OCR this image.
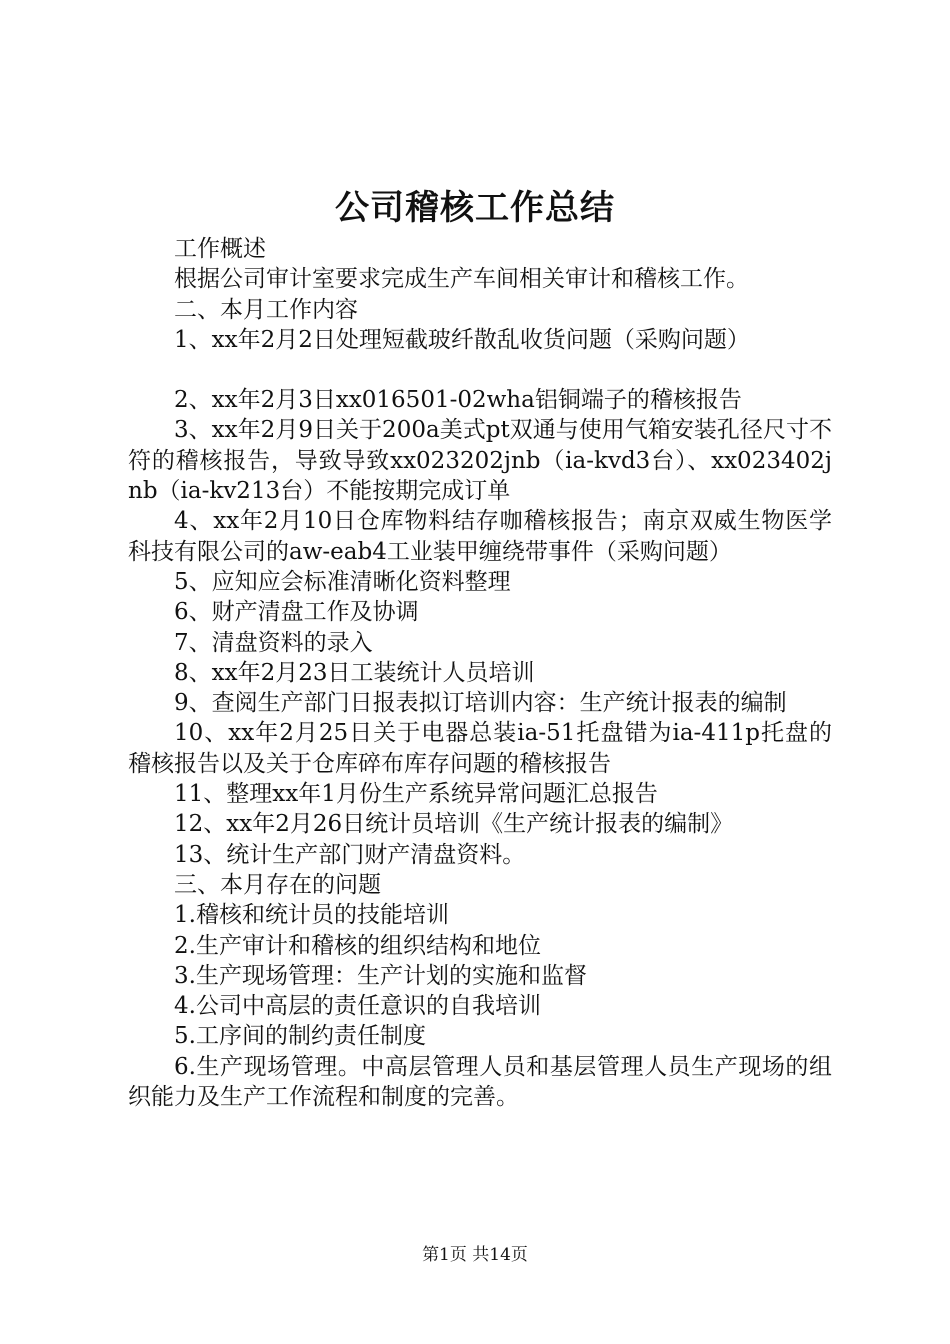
公司稽核工作总结

工作概述

根据公司审计室要求完成生产车间相关审计和稽核工作。

二、本月工作内容

1、xx年2月2日处理短截玻纤散乱收货问题（采购问题）

2、xx年2月3日xx016501-02wha铝铜端子的稽核报告

3、xx年2月9日关于200a美式pt双通与使用气箱安装孔径尺寸不符的稽核报告，导致导致xx023202jnb（ia-kvd3台）、xx023402jnb（ia-kv213台）不能按期完成订单

4、xx年2月10日仓库物料结存咖稽核报告；南京双威生物医学科技有限公司的aw-eab4工业装甲缠绕带事件（采购问题）

5、应知应会标准清晰化资料整理

6、财产清盘工作及协调

7、清盘资料的录入

8、xx年2月23日工装统计人员培训

9、查阅生产部门日报表拟订培训内容：生产统计报表的编制

10、xx年2月25日关于电器总装ia-51托盘错为ia-411p托盘的稽核报告以及关于仓库碎布库存问题的稽核报告

11、整理xx年1月份生产系统异常问题汇总报告

12、xx年2月26日统计员培训《生产统计报表的编制》

13、统计生产部门财产清盘资料。

三、本月存在的问题

1.稽核和统计员的技能培训

2.生产审计和稽核的组织结构和地位

3.生产现场管理：生产计划的实施和监督

4.公司中高层的责任意识的自我培训

5.工序间的制约责任制度

6.生产现场管理。中高层管理人员和基层管理人员生产现场的组织能力及生产工作流程和制度的完善。

第1页 共14页
